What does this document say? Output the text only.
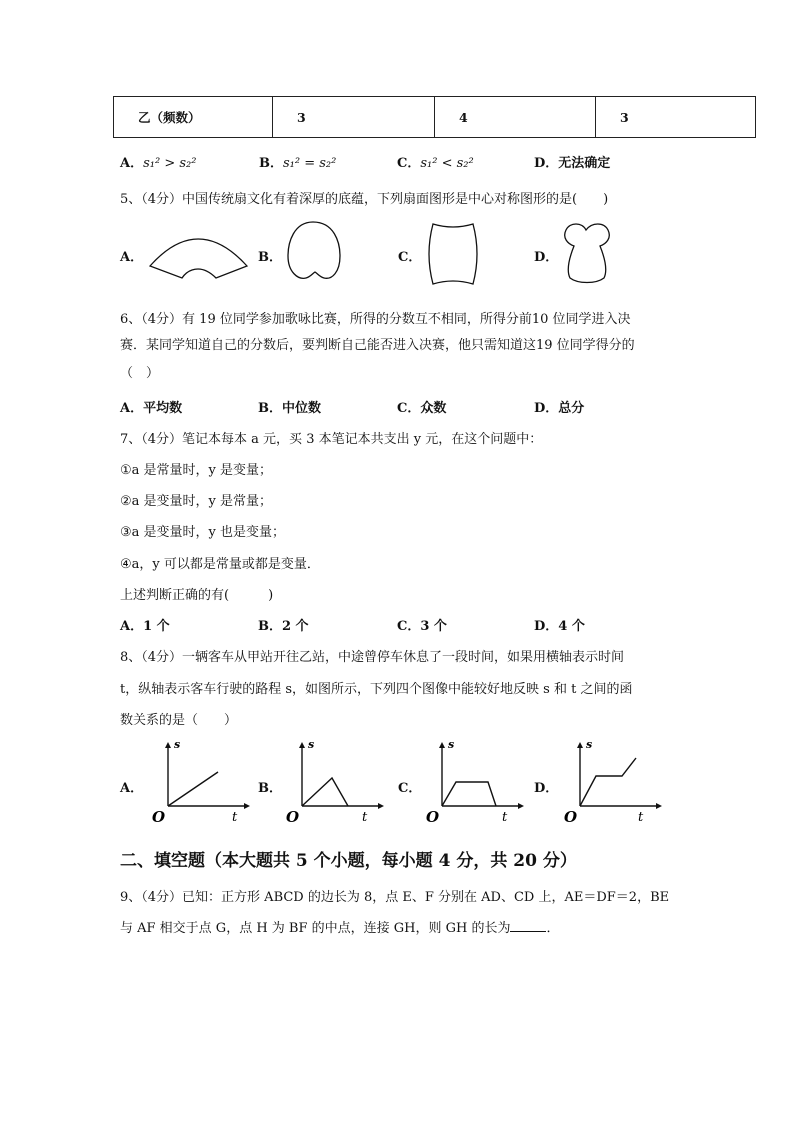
乙（频数）	3	4	3
A．s₁² > s₂²	B．s₁² = s₂²	C．s₁² < s₂²	D．无法确定
5、（4分）中国传统扇文化有着深厚的底蕴，下列扇面图形是中心对称图形的是(　　)
A．	B．	C．	D．
6、（4分）有 19 位同学参加歌咏比赛，所得的分数互不相同，所得分前10 位同学进入决
赛．某同学知道自己的分数后，要判断自己能否进入决赛，他只需知道这19 位同学得分的
（　）
A．平均数	B．中位数	C．众数	D．总分
7、（4分）笔记本每本 a 元，买 3 本笔记本共支出 y 元，在这个问题中：
①a 是常量时，y 是变量；
②a 是变量时，y 是常量；
③a 是变量时，y 也是变量；
④a，y 可以都是常量或都是变量．
上述判断正确的有(　　　)
A．1 个	B．2 个	C．3 个	D．4 个
8、（4分）一辆客车从甲站开往乙站，中途曾停车休息了一段时间，如果用横轴表示时间
t，纵轴表示客车行驶的路程 s，如图所示，下列四个图像中能较好地反映 s 和 t 之间的函
数关系的是（　　）
A．
s
t
O
B．
s
t
O
C．
s
t
O
D．
s
t
O
二、填空题（本大题共 5 个小题，每小题 4 分，共 20 分）
9、（4分）已知：正方形 ABCD 的边长为 8，点 E、F 分别在 AD、CD 上，AE＝DF＝2，BE
与 AF 相交于点 G，点 H 为 BF 的中点，连接 GH，则 GH 的长为	．
